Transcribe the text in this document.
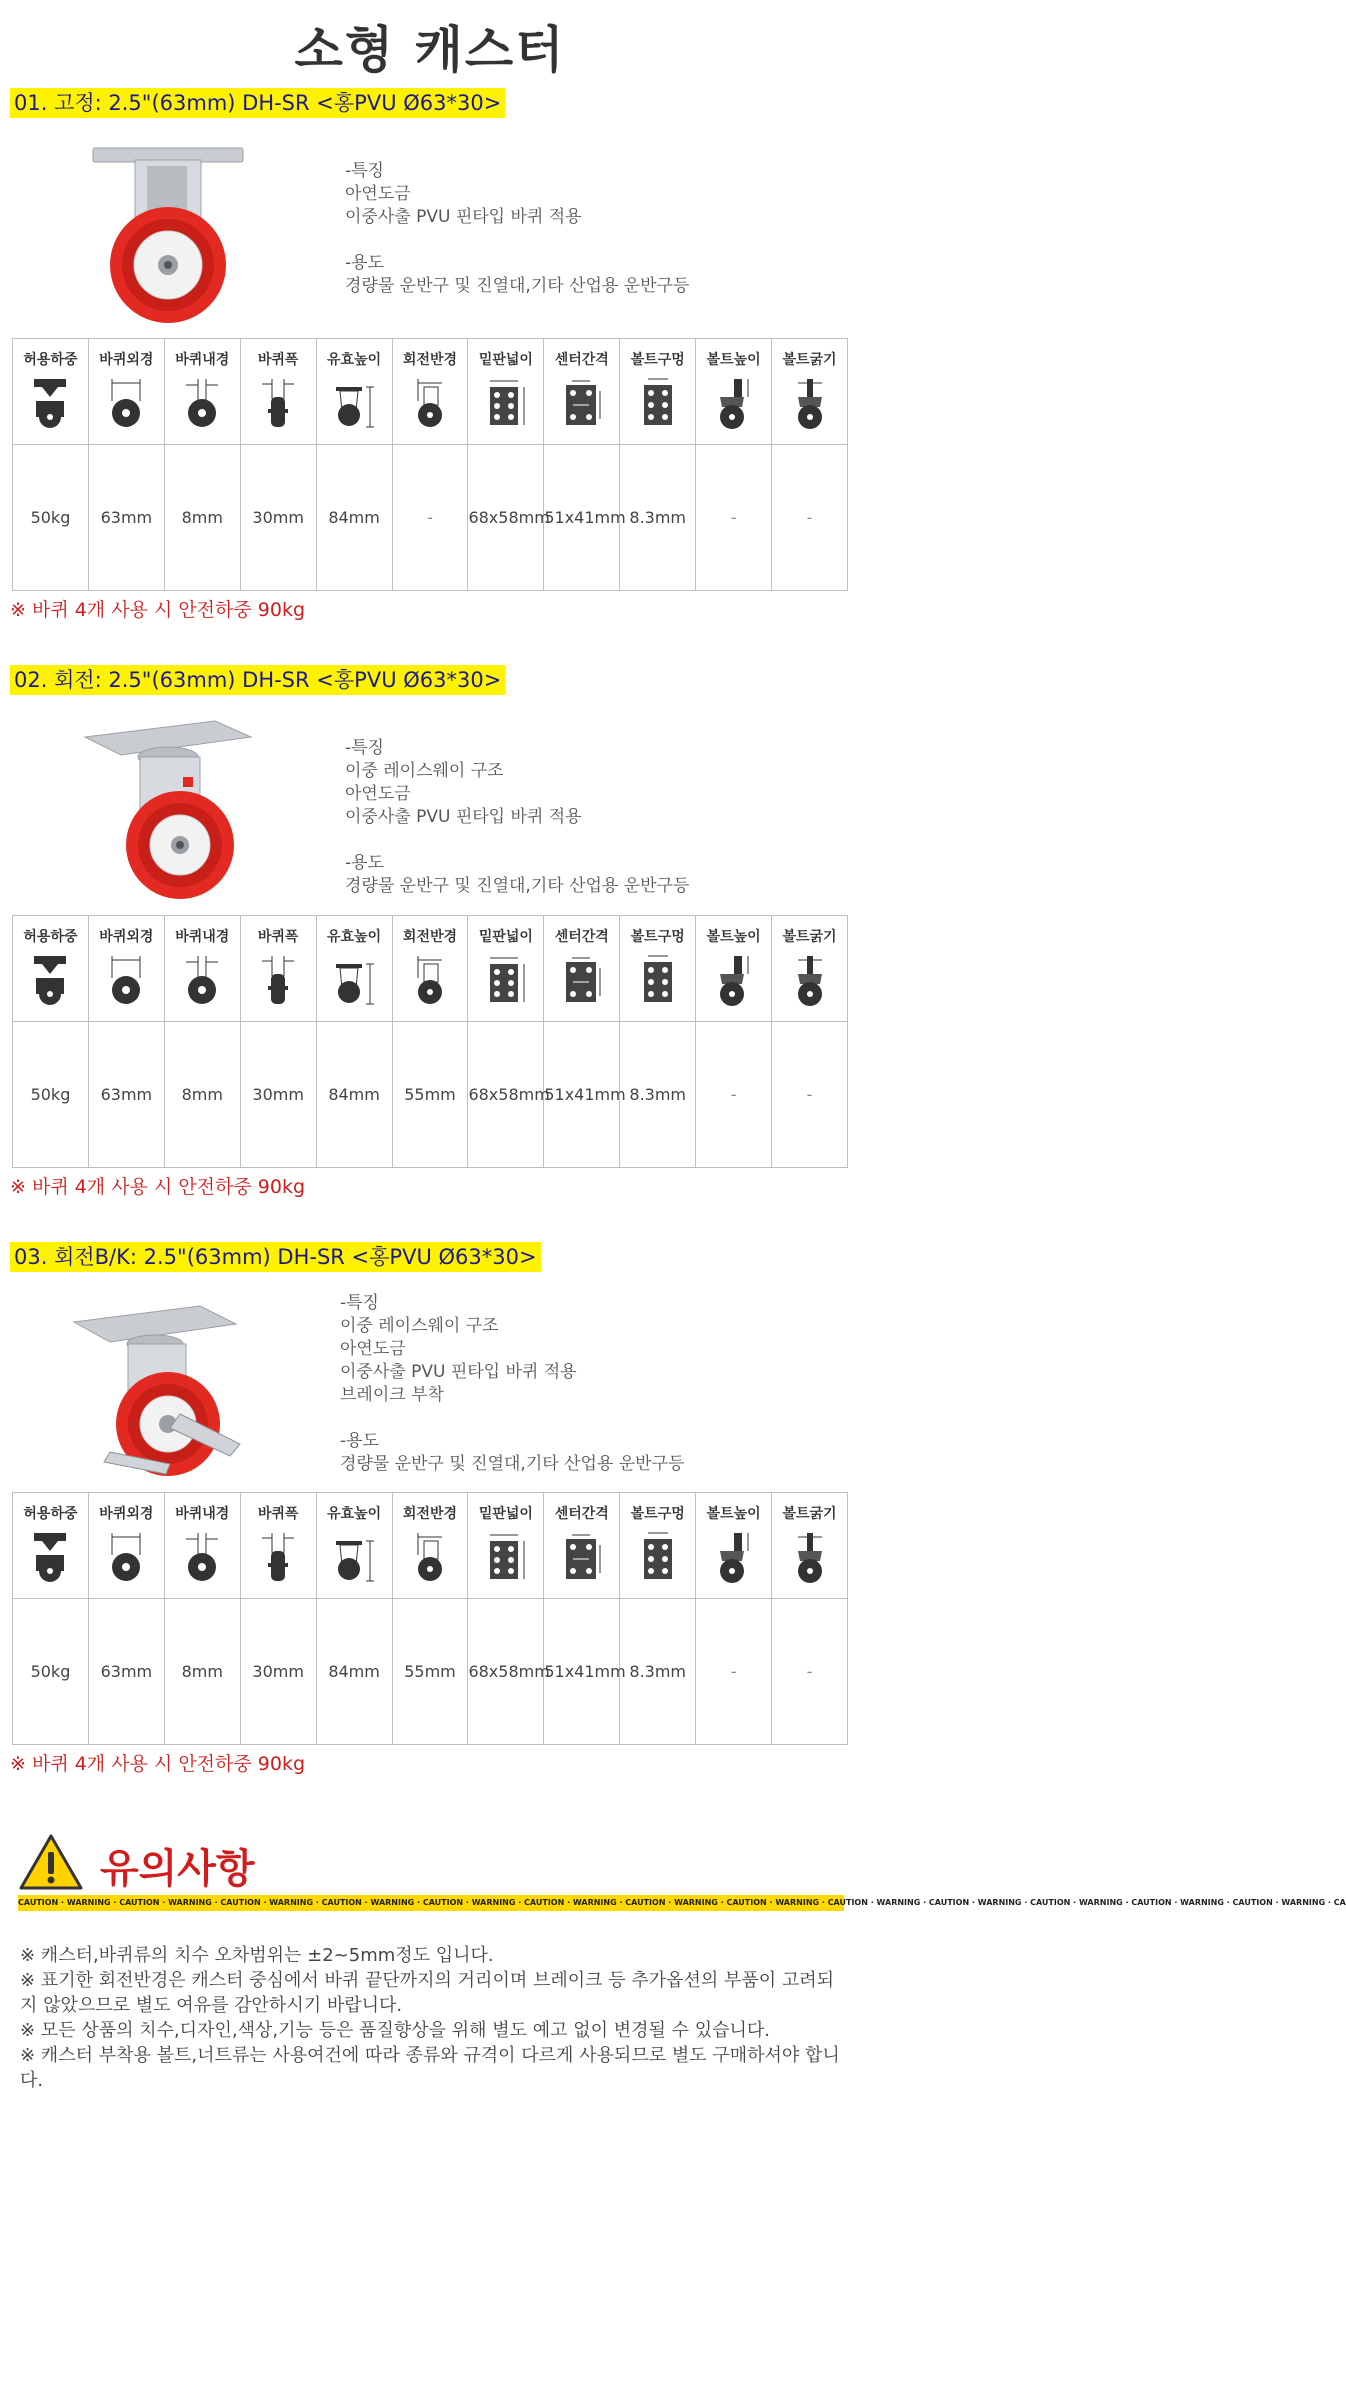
소형 캐스터
01. 고정: 2.5"(63mm) DH-SR <홍PVU Ø63*30>
-특징
아연도금
이중사출 PVU 핀타입 바퀴 적용
-용도
경량물 운반구 및 진열대,기타 산업용 운반구등
허용하중	바퀴외경	바퀴내경	바퀴폭	유효높이	회전반경	밑판넓이	센터간격	볼트구멍	볼트높이	볼트굵기

50kg	63mm	8mm	30mm	84mm	-	68x58mm	51x41mm	8.3mm	-	-
※ 바퀴 4개 사용 시 안전하중 90kg
02. 회전: 2.5"(63mm) DH-SR <홍PVU Ø63*30>
-특징
이중 레이스웨이 구조
아연도금
이중사출 PVU 핀타입 바퀴 적용
-용도
경량물 운반구 및 진열대,기타 산업용 운반구등
허용하중	바퀴외경	바퀴내경	바퀴폭	유효높이	회전반경	밑판넓이	센터간격	볼트구멍	볼트높이	볼트굵기

50kg	63mm	8mm	30mm	84mm	55mm	68x58mm	51x41mm	8.3mm	-	-
※ 바퀴 4개 사용 시 안전하중 90kg
03. 회전B/K: 2.5"(63mm) DH-SR <홍PVU Ø63*30>
-특징
이중 레이스웨이 구조
아연도금
이중사출 PVU 핀타입 바퀴 적용
브레이크 부착
-용도
경량물 운반구 및 진열대,기타 산업용 운반구등
허용하중	바퀴외경	바퀴내경	바퀴폭	유효높이	회전반경	밑판넓이	센터간격	볼트구멍	볼트높이	볼트굵기

50kg	63mm	8mm	30mm	84mm	55mm	68x58mm	51x41mm	8.3mm	-	-
※ 바퀴 4개 사용 시 안전하중 90kg
유의사항
CAUTION · WARNING · CAUTION · WARNING · CAUTION · WARNING · CAUTION · WARNING · CAUTION · WARNING · CAUTION · WARNING · CAUTION · WARNING · CAUTION · WARNING · CAUTION · WARNING · CAUTION · WARNING · CAUTION · WARNING · CAUTION · WARNING · CAUTION · WARNING · CA
※ 캐스터,바퀴류의 치수 오차범위는 ±2~5mm정도 입니다.
※ 표기한 회전반경은 캐스터 중심에서 바퀴 끝단까지의 거리이며 브레이크 등 추가옵션의 부품이 고려되지 않았으므로 별도 여유를 감안하시기 바랍니다.
※ 모든 상품의 치수,디자인,색상,기능 등은 품질향상을 위해 별도 예고 없이 변경될 수 있습니다.
※ 캐스터 부착용 볼트,너트류는 사용여건에 따라 종류와 규격이 다르게 사용되므로 별도 구매하셔야 합니다.
